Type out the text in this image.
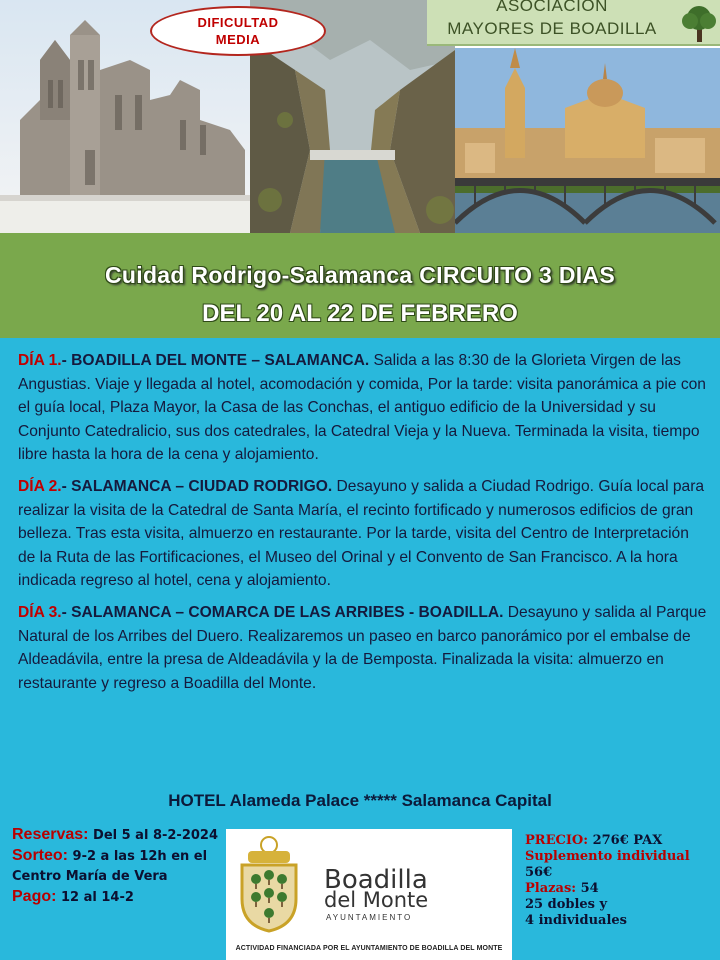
DIFICULTAD
MEDIA
ASOCIACION
MAYORES DE BOADILLA
Cuidad Rodrigo-Salamanca CIRCUITO 3 DIAS
DEL 20 AL 22 DE FEBRERO
DÍA 1.- BOADILLA DEL MONTE – SALAMANCA. Salida a las 8:30 de la Glorieta Virgen de las Angustias. Viaje y llegada al hotel, acomodación y comida, Por la tarde: visita panorámica a pie con el guía local, Plaza Mayor, la Casa de las Conchas, el antiguo edificio de la Universidad y su Conjunto Catedralicio, sus dos catedrales, la Catedral Vieja y la Nueva. Terminada la visita, tiempo libre hasta la hora de la cena y alojamiento.
DÍA 2.- SALAMANCA – CIUDAD RODRIGO. Desayuno y salida a Ciudad Rodrigo. Guía local para realizar la visita de la Catedral de Santa María, el recinto fortificado y numerosos edificios de gran belleza. Tras esta visita, almuerzo en restaurante. Por la tarde, visita del Centro de Interpretación de la Ruta de las Fortificaciones, el Museo del Orinal y el Convento de San Francisco. A la hora indicada regreso al hotel, cena y alojamiento.
DÍA 3.- SALAMANCA – COMARCA DE LAS ARRIBES - BOADILLA. Desayuno y salida al Parque Natural de los Arribes del Duero. Realizaremos un paseo en barco panorámico por el embalse de Aldeadávila, entre la presa de Aldeadávila y la de Bemposta. Finalizada la visita: almuerzo en restaurante y regreso a Boadilla del Monte.
HOTEL Alameda Palace ***** Salamanca Capital
Reservas: Del 5 al 8-2-2024
Sorteo: 9-2 a las 12h en el Centro María de Vera
Pago: 12 al 14-2
Boadilla
del Monte
AYUNTAMIENTO
ACTIVIDAD FINANCIADA POR EL AYUNTAMIENTO DE BOADILLA DEL MONTE
PRECIO: 276€ PAX
Suplemento individual 56€
Plazas: 54
25 dobles y
4 individuales
